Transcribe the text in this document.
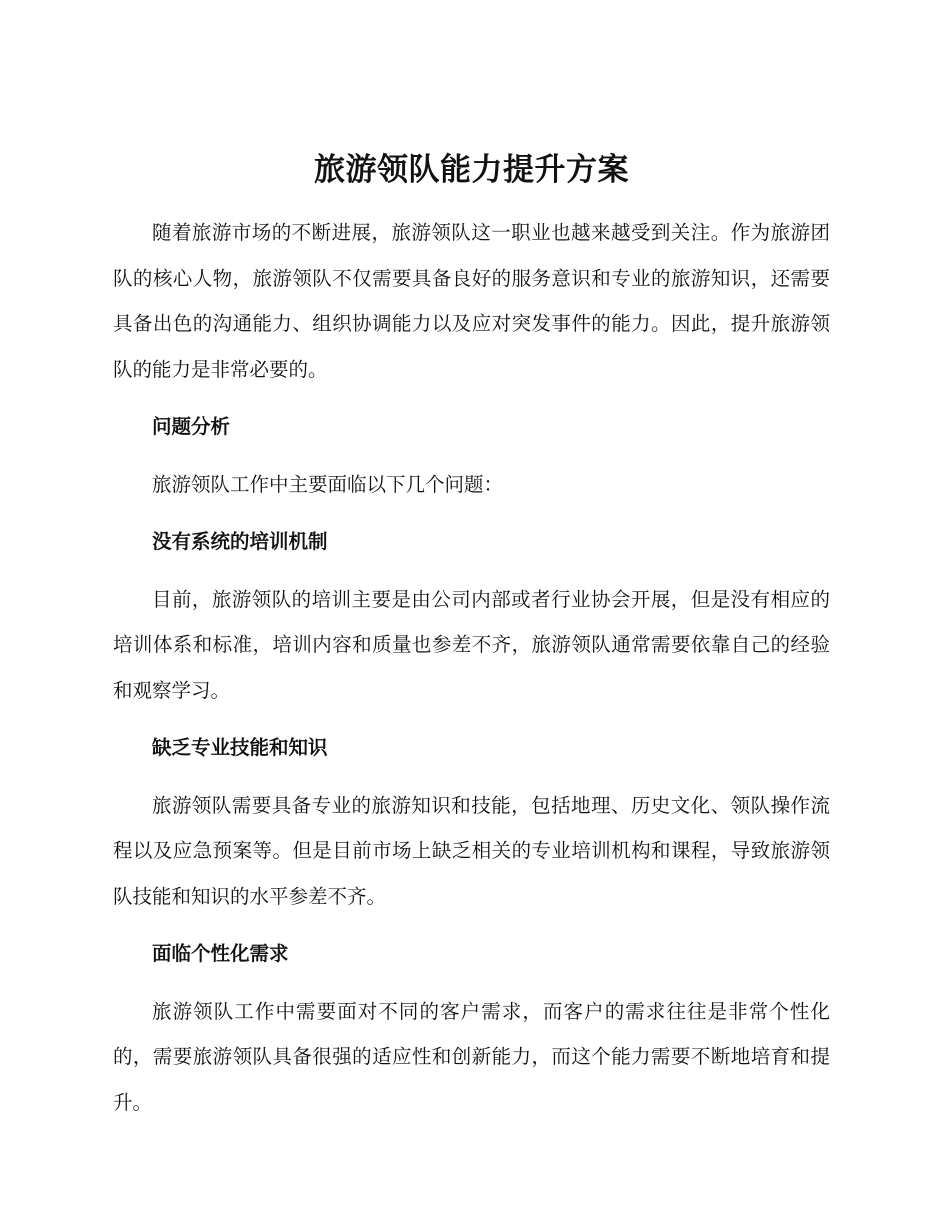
旅游领队能力提升方案

随着旅游市场的不断进展，旅游领队这一职业也越来越受到关注。作为旅游团队的核心人物，旅游领队不仅需要具备良好的服务意识和专业的旅游知识，还需要具备出色的沟通能力、组织协调能力以及应对突发事件的能力。因此，提升旅游领队的能力是非常必要的。

问题分析

旅游领队工作中主要面临以下几个问题：

没有系统的培训机制

目前，旅游领队的培训主要是由公司内部或者行业协会开展，但是没有相应的培训体系和标准，培训内容和质量也参差不齐，旅游领队通常需要依靠自己的经验和观察学习。

缺乏专业技能和知识

旅游领队需要具备专业的旅游知识和技能，包括地理、历史文化、领队操作流程以及应急预案等。但是目前市场上缺乏相关的专业培训机构和课程，导致旅游领队技能和知识的水平参差不齐。

面临个性化需求

旅游领队工作中需要面对不同的客户需求，而客户的需求往往是非常个性化的，需要旅游领队具备很强的适应性和创新能力，而这个能力需要不断地培育和提升。
